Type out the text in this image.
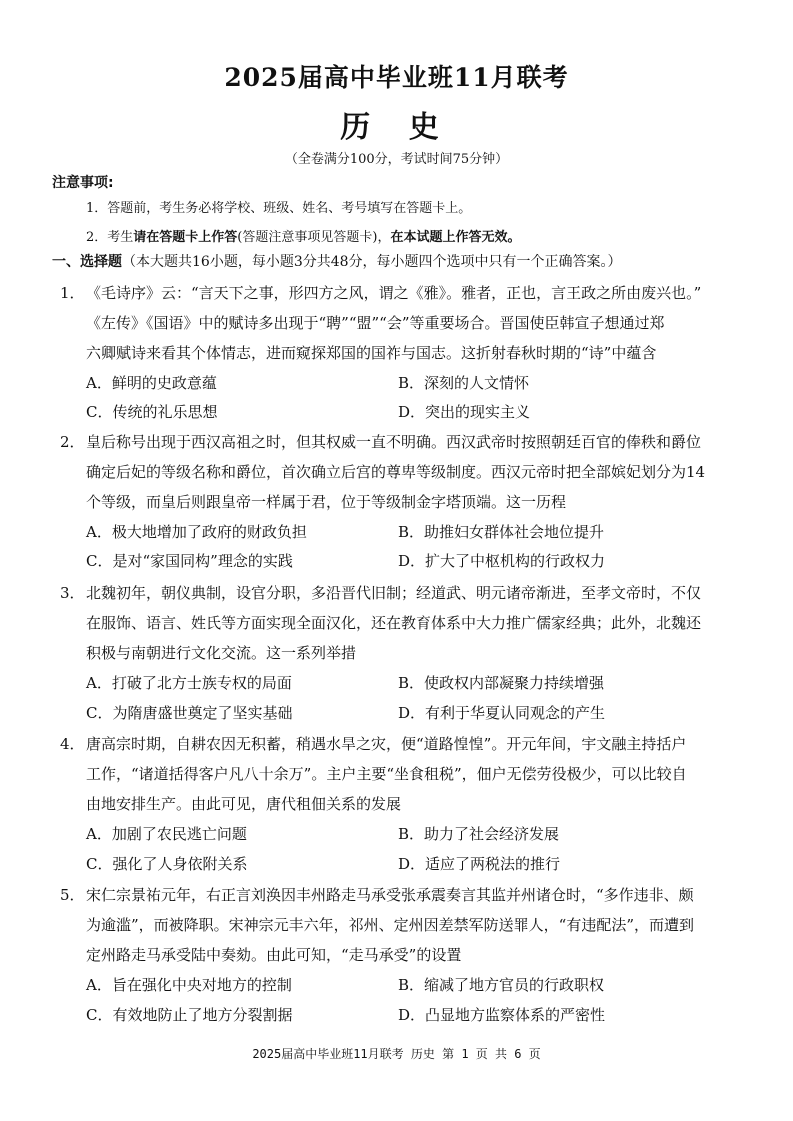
2025届高中毕业班11月联考
历 史
（全卷满分100分，考试时间75分钟）
注意事项:
1．答题前，考生务必将学校、班级、姓名、考号填写在答题卡上。
2．考生请在答题卡上作答(答题注意事项见答题卡)，在本试题上作答无效。
一、选择题（本大题共16小题，每小题3分共48分，每小题四个选项中只有一个正确答案。）
1． 《毛诗序》云：“言天下之事，形四方之风，谓之《雅》。雅者，正也，言王政之所由废兴也。”
《左传》《国语》中的赋诗多出现于“聘”“盟”“会”等重要场合。晋国使臣韩宣子想通过郑
六卿赋诗来看其个体情志，进而窥探郑国的国祚与国志。这折射春秋时期的“诗”中蕴含
A．鲜明的史政意蕴	B．深刻的人文情怀
C．传统的礼乐思想	D．突出的现实主义
2． 皇后称号出现于西汉高祖之时，但其权威一直不明确。西汉武帝时按照朝廷百官的俸秩和爵位
确定后妃的等级名称和爵位，首次确立后宫的尊卑等级制度。西汉元帝时把全部嫔妃划分为14
个等级，而皇后则跟皇帝一样属于君，位于等级制金字塔顶端。这一历程
A．极大地增加了政府的财政负担	B．助推妇女群体社会地位提升
C．是对“家国同构”理念的实践	D．扩大了中枢机构的行政权力
3． 北魏初年，朝仪典制，设官分职，多沿晋代旧制；经道武、明元诸帝渐进，至孝文帝时，不仅
在服饰、语言、姓氏等方面实现全面汉化，还在教育体系中大力推广儒家经典；此外，北魏还
积极与南朝进行文化交流。这一系列举措
A．打破了北方士族专权的局面	B．使政权内部凝聚力持续增强
C．为隋唐盛世奠定了坚实基础	D．有利于华夏认同观念的产生
4． 唐高宗时期，自耕农因无积蓄，稍遇水旱之灾，便“道路惶惶”。开元年间，宇文融主持括户
工作，“诸道括得客户凡八十余万”。主户主要“坐食租税”，佃户无偿劳役极少，可以比较自
由地安排生产。由此可见，唐代租佃关系的发展
A．加剧了农民逃亡问题	B．助力了社会经济发展
C．强化了人身依附关系	D．适应了两税法的推行
5． 宋仁宗景祐元年，右正言刘涣因丰州路走马承受张承震奏言其监并州诸仓时，“多作违非、颇
为逾滥”，而被降职。宋神宗元丰六年，祁州、定州因差禁军防送罪人，“有违配法”，而遭到
定州路走马承受陆中奏劾。由此可知，“走马承受”的设置
A．旨在强化中央对地方的控制	B．缩减了地方官员的行政职权
C．有效地防止了地方分裂割据	D．凸显地方监察体系的严密性
2025届高中毕业班11月联考 历史 第 1 页 共 6 页
